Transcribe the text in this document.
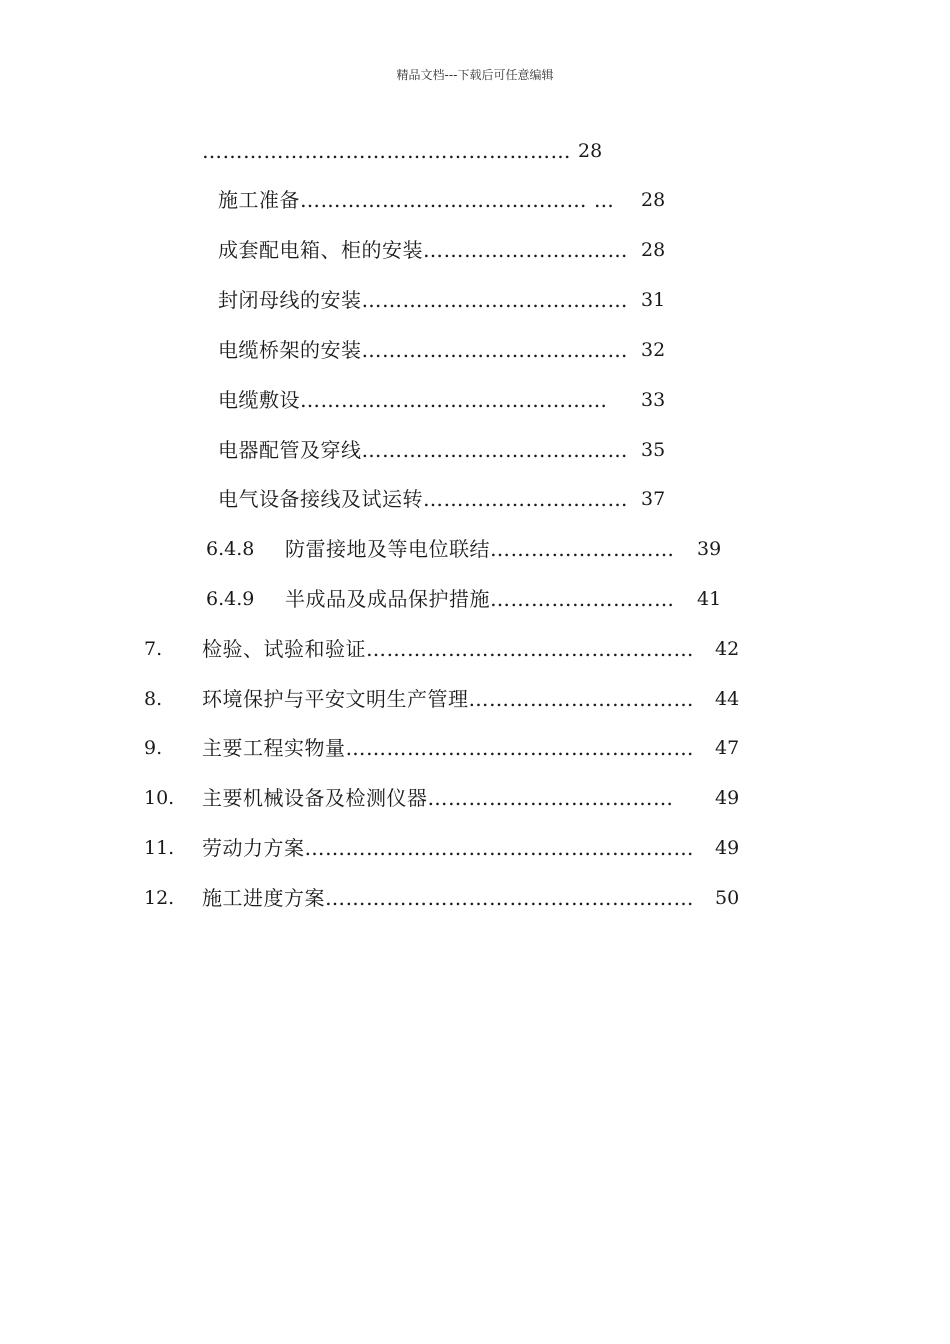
精品文档---下载后可任意编辑
……………………………………………… 28
施工准备…………………………………… … 28
成套配电箱、柜的安装………………………… 28
封闭母线的安装………………………………… 31
电缆桥架的安装………………………………… 32
电缆敷设……………………………………… 33
电器配管及穿线………………………………… 35
电气设备接线及试运转………………………… 37
6.4.8 防雷接地及等电位联结……………………… 39
6.4.9 半成品及成品保护措施……………………… 41
7. 检验、试验和验证………………………………………… 42
8. 环境保护与平安文明生产管理…………………………… 44
9. 主要工程实物量…………………………………………… 47
10. 主要机械设备及检测仪器……………………………… 49
11. 劳动力方案………………………………………………… 49
12. 施工进度方案……………………………………………… 50
